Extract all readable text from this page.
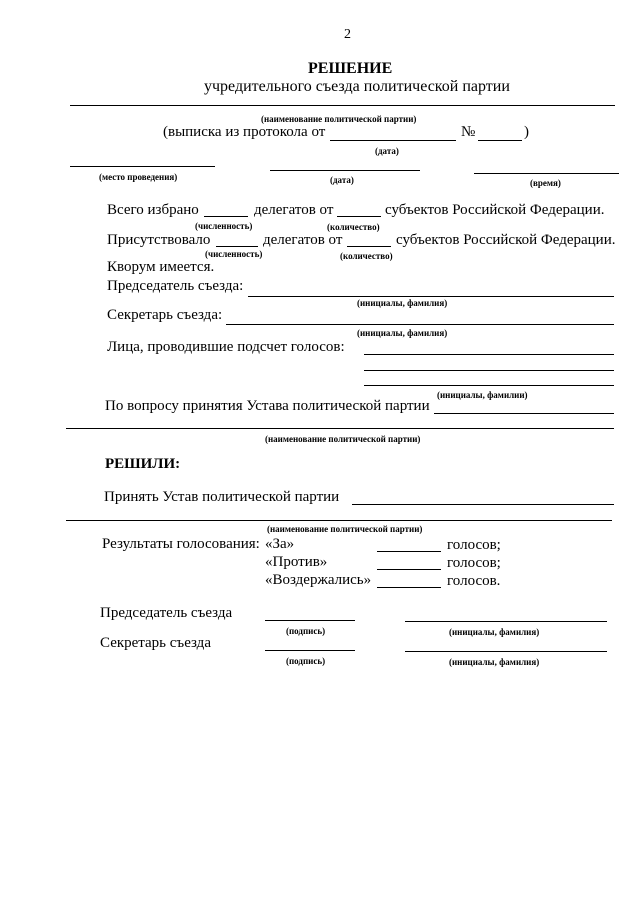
2
РЕШЕНИЕ
учредительного съезда политической партии
(наименование политической партии)
(выписка из протокола от	№	)
(дата)
(место проведения)	(дата)	(время)
Всего избрано	делегатов от	субъектов Российской Федерации.
(численность)	(количество)
Присутствовало	делегатов от	субъектов Российской Федерации.
(численность)	(количество)
Кворум имеется.
Председатель съезда:
(инициалы, фамилия)
Секретарь съезда:
(инициалы, фамилия)
Лица, проводившие подсчет голосов:
(инициалы, фамилии)
По вопросу принятия Устава политической партии
(наименование политической партии)
РЕШИЛИ:
Принять Устав политической партии
(наименование политической партии)
Результаты голосования: «За»	голосов;
«Против»	голосов;
«Воздержались»	голосов.
Председатель съезда
(подпись)	(инициалы, фамилия)
Секретарь съезда
(подпись)	(инициалы, фамилия)
